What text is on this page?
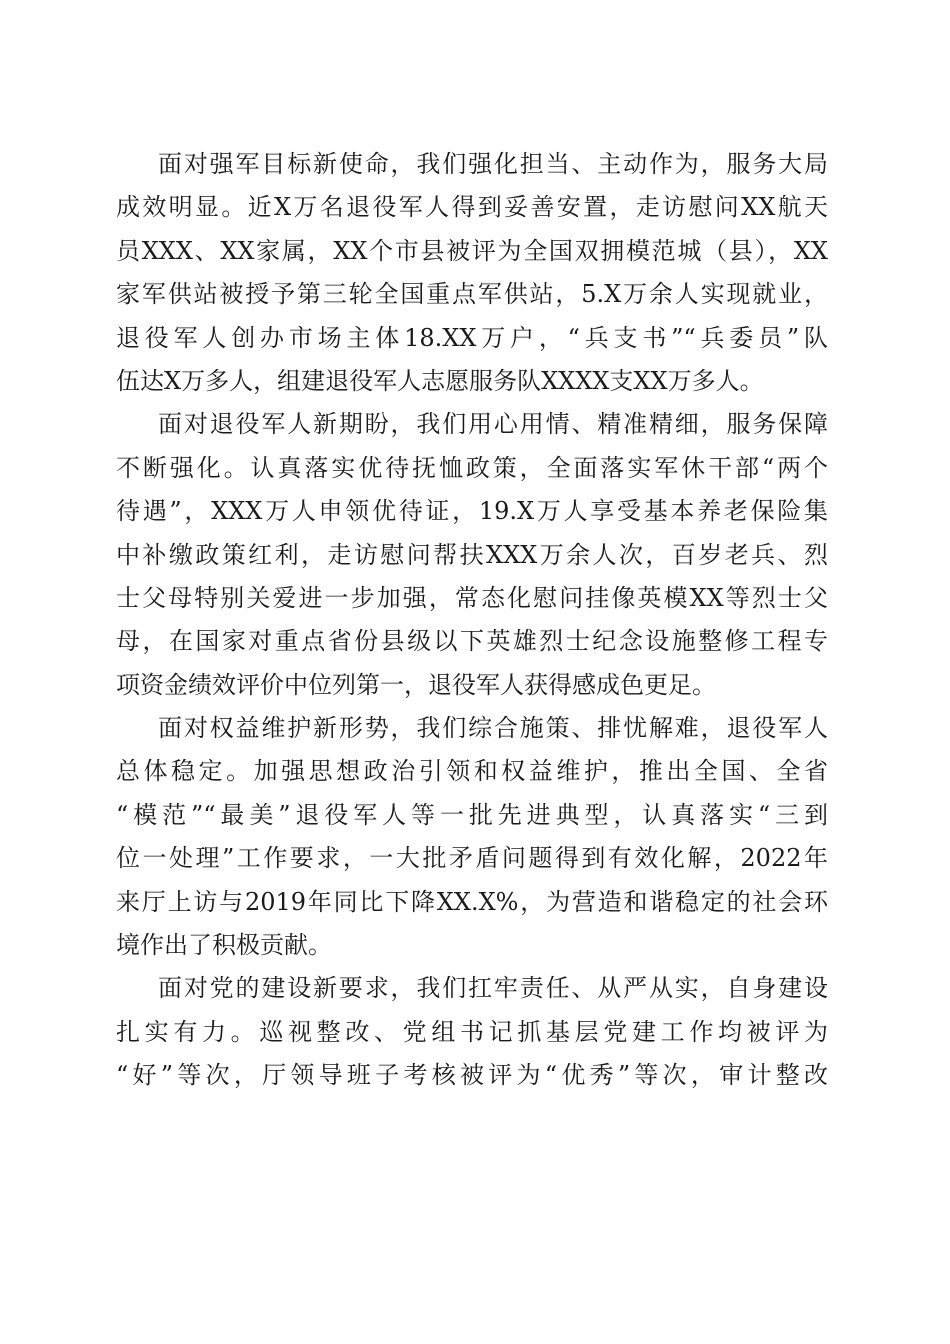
面对强军目标新使命，我们强化担当、主动作为，服务大局
成效明显。近X万名退役军人得到妥善安置，走访慰问XX航天
员XXX、XX家属，XX个市县被评为全国双拥模范城（县），XX
家军供站被授予第三轮全国重点军供站，5.X万余人实现就业，
退役军人创办市场主体18.XX万户，“兵支书”“兵委员”队
伍达X万多人，组建退役军人志愿服务队XXXX支XX万多人。
面对退役军人新期盼，我们用心用情、精准精细，服务保障
不断强化。认真落实优待抚恤政策，全面落实军休干部“两个
待遇”，XXX万人申领优待证，19.X万人享受基本养老保险集
中补缴政策红利，走访慰问帮扶XXX万余人次，百岁老兵、烈
士父母特别关爱进一步加强，常态化慰问挂像英模XX等烈士父
母，在国家对重点省份县级以下英雄烈士纪念设施整修工程专
项资金绩效评价中位列第一，退役军人获得感成色更足。
面对权益维护新形势，我们综合施策、排忧解难，退役军人
总体稳定。加强思想政治引领和权益维护，推出全国、全省
“模范”“最美”退役军人等一批先进典型，认真落实“三到
位一处理”工作要求，一大批矛盾问题得到有效化解，2022年
来厅上访与2019年同比下降XX.X%，为营造和谐稳定的社会环
境作出了积极贡献。
面对党的建设新要求，我们扛牢责任、从严从实，自身建设
扎实有力。巡视整改、党组书记抓基层党建工作均被评为
“好”等次，厅领导班子考核被评为“优秀”等次，审计整改
